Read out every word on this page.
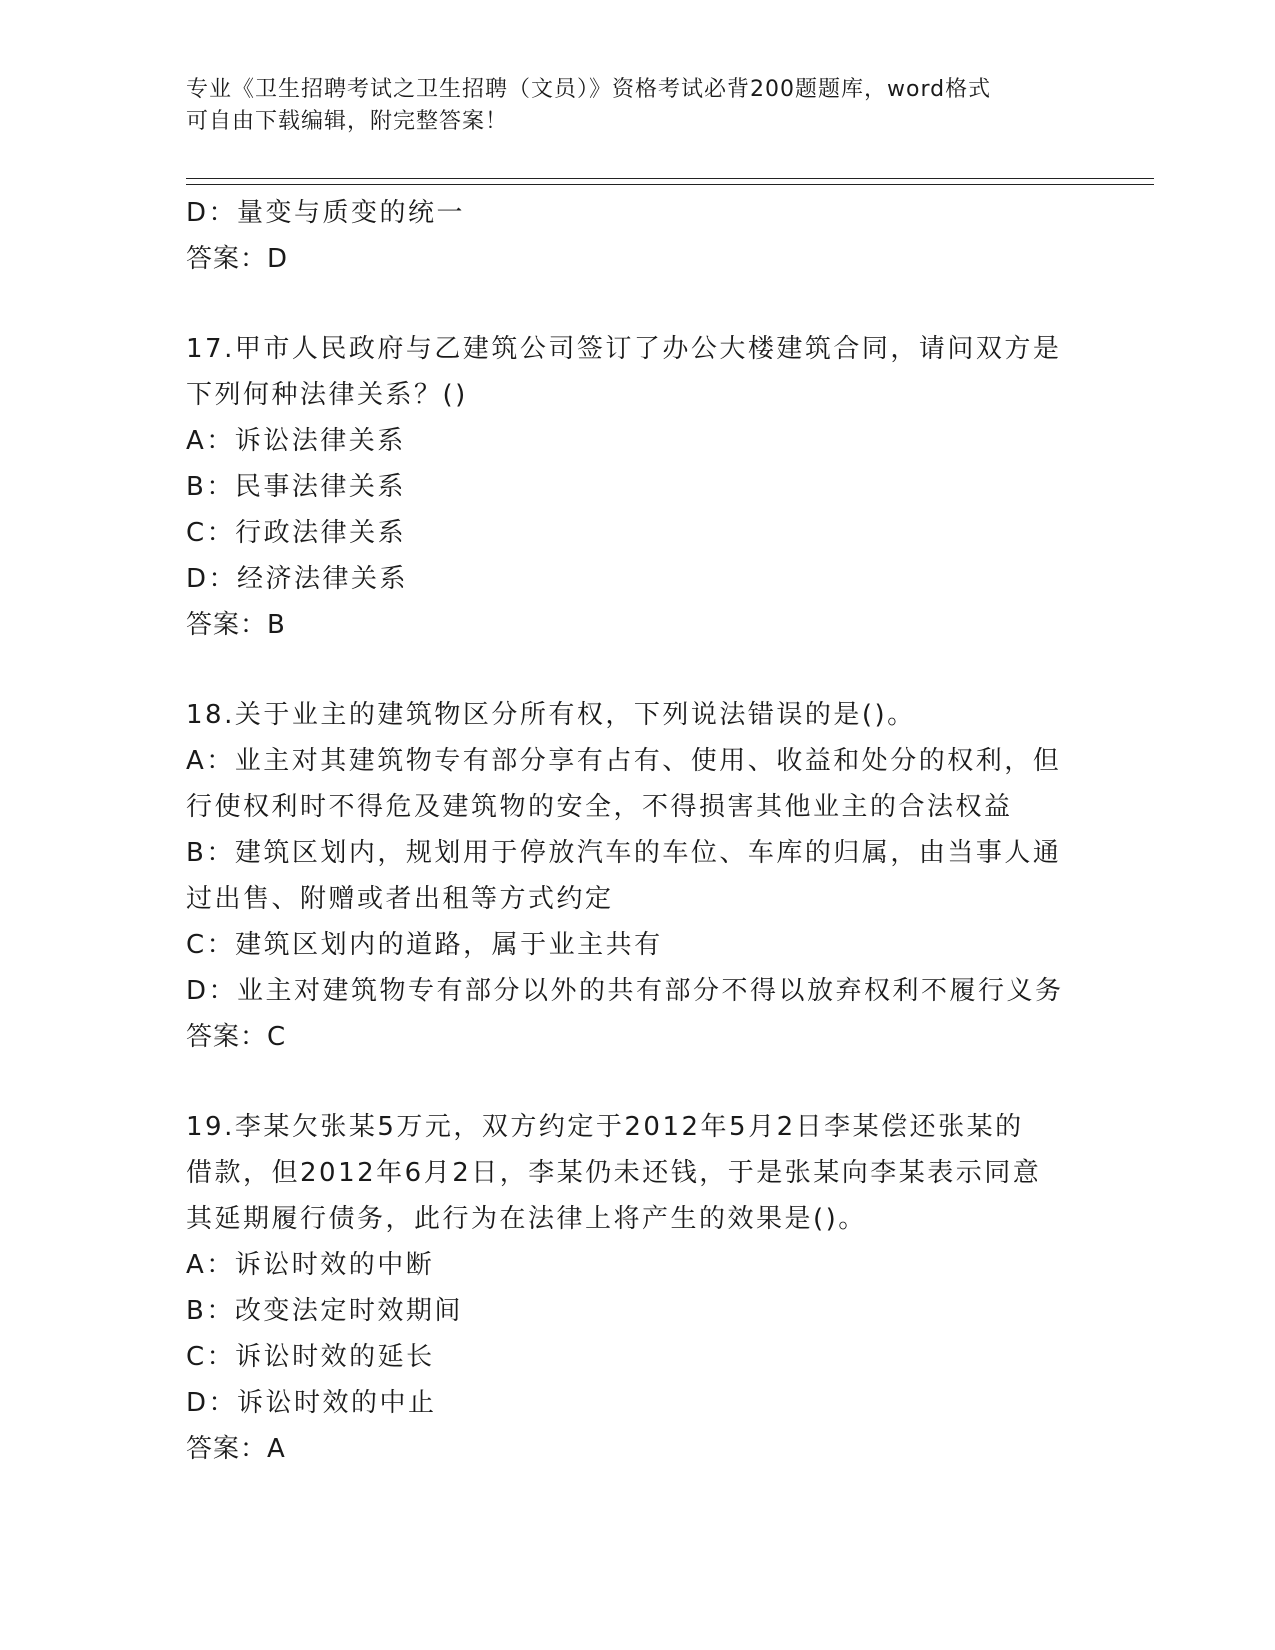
专业《卫生招聘考试之卫生招聘（文员）》资格考试必背200题题库，word格式
可自由下载编辑，附完整答案！
D：量变与质变的统一
答案：D
17.甲市人民政府与乙建筑公司签订了办公大楼建筑合同，请问双方是
下列何种法律关系？()
A：诉讼法律关系
B：民事法律关系
C：行政法律关系
D：经济法律关系
答案：B
18.关于业主的建筑物区分所有权，下列说法错误的是()。
A：业主对其建筑物专有部分享有占有、使用、收益和处分的权利，但
行使权利时不得危及建筑物的安全，不得损害其他业主的合法权益
B：建筑区划内，规划用于停放汽车的车位、车库的归属，由当事人通
过出售、附赠或者出租等方式约定
C：建筑区划内的道路，属于业主共有
D：业主对建筑物专有部分以外的共有部分不得以放弃权利不履行义务
答案：C
19.李某欠张某5万元，双方约定于2012年5月2日李某偿还张某的
借款，但2012年6月2日，李某仍未还钱，于是张某向李某表示同意
其延期履行债务，此行为在法律上将产生的效果是()。
A：诉讼时效的中断
B：改变法定时效期间
C：诉讼时效的延长
D：诉讼时效的中止
答案：A
